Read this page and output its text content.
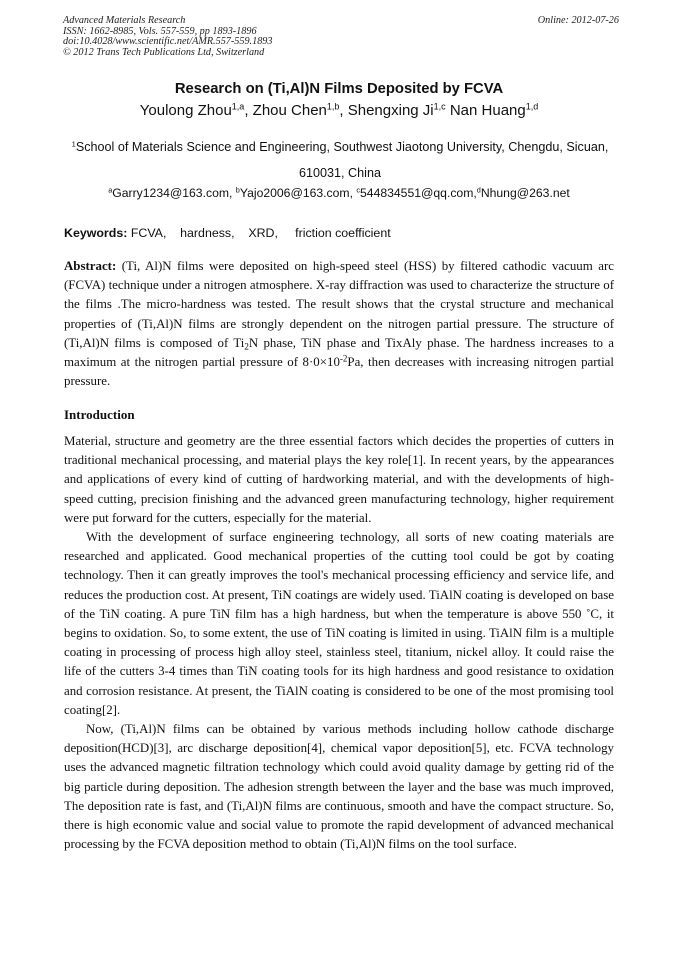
Advanced Materials Research
ISSN: 1662-8985, Vols. 557-559, pp 1893-1896
doi:10.4028/www.scientific.net/AMR.557-559.1893
© 2012 Trans Tech Publications Ltd, Switzerland
Online: 2012-07-26
Research on (Ti,Al)N Films Deposited by FCVA
Youlong Zhou$^{1,a}$, Zhou Chen$^{1,b}$, Shengxing Ji$^{1,c}$ Nan Huang$^{1,d}$
$^1$School of Materials Science and Engineering, Southwest Jiaotong University, Chengdu, Sicuan, 610031, China
$^a$Garry1234@163.com, $^b$Yajo2006@163.com, $^c$544834551@qq.com,$^d$Nhung@263.net
Keywords: FCVA,    hardness,    XRD,     friction coefficient

Abstract: (Ti, Al)N films were deposited on high-speed steel (HSS) by filtered cathodic vacuum arc (FCVA) technique under a nitrogen atmosphere. X-ray diffraction was used to characterize the structure of the films .The micro-hardness was tested. The result shows that the crystal structure and mechanical properties of (Ti,Al)N films are strongly dependent on the nitrogen partial pressure. The structure of (Ti,Al)N films is composed of $Ti_2N$ phase, TiN phase and TixAly phase. The hardness increases to a maximum at the nitrogen partial pressure of $8\cdot 0\times 10^{-2}Pa$, then decreases with increasing nitrogen partial pressure.

Introduction

Material, structure and geometry are the three essential factors which decides the properties of cutters in traditional mechanical processing, and material plays the key role[1]. In recent years, by the appearances and applications of every kind of cutting of hardworking material, and with the developments of high-speed cutting, precision finishing and the advanced green manufacturing technology, higher requirement were put forward for the cutters, especially for the material.

With the development of surface engineering technology, all sorts of new coating materials are researched and applicated. Good mechanical properties of the cutting tool could be got by coating technology. Then it can greatly improves the tool's mechanical processing efficiency and service life, and reduces the production cost. At present, TiN coatings are widely used. TiAlN coating is developed on base of the TiN coating. A pure TiN film has a high hardness, but when the temperature is above 550 ˚C, it begins to oxidation. So, to some extent, the use of TiN coating is limited in using. TiAlN film is a multiple coating in processing of process high alloy steel, stainless steel, titanium, nickel alloy. It could raise the life of the cutters 3-4 times than TiN coating tools for its high hardness and good resistance to oxidation and corrosion resistance. At present, the TiAlN coating is considered to be one of the most promising tool coating[2].

Now, (Ti,Al)N films can be obtained by various methods including hollow cathode discharge deposition(HCD)[3], arc discharge deposition[4], chemical vapor deposition[5], etc. FCVA technology uses the advanced magnetic filtration technology which could avoid quality damage by getting rid of the big particle during deposition. The adhesion strength between the layer and the base was much improved, The deposition rate is fast, and (Ti,Al)N films are continuous, smooth and have the compact structure. So, there is high economic value and social value to promote the rapid development of advanced mechanical processing by the FCVA deposition method to obtain (Ti,Al)N films on the tool surface.
